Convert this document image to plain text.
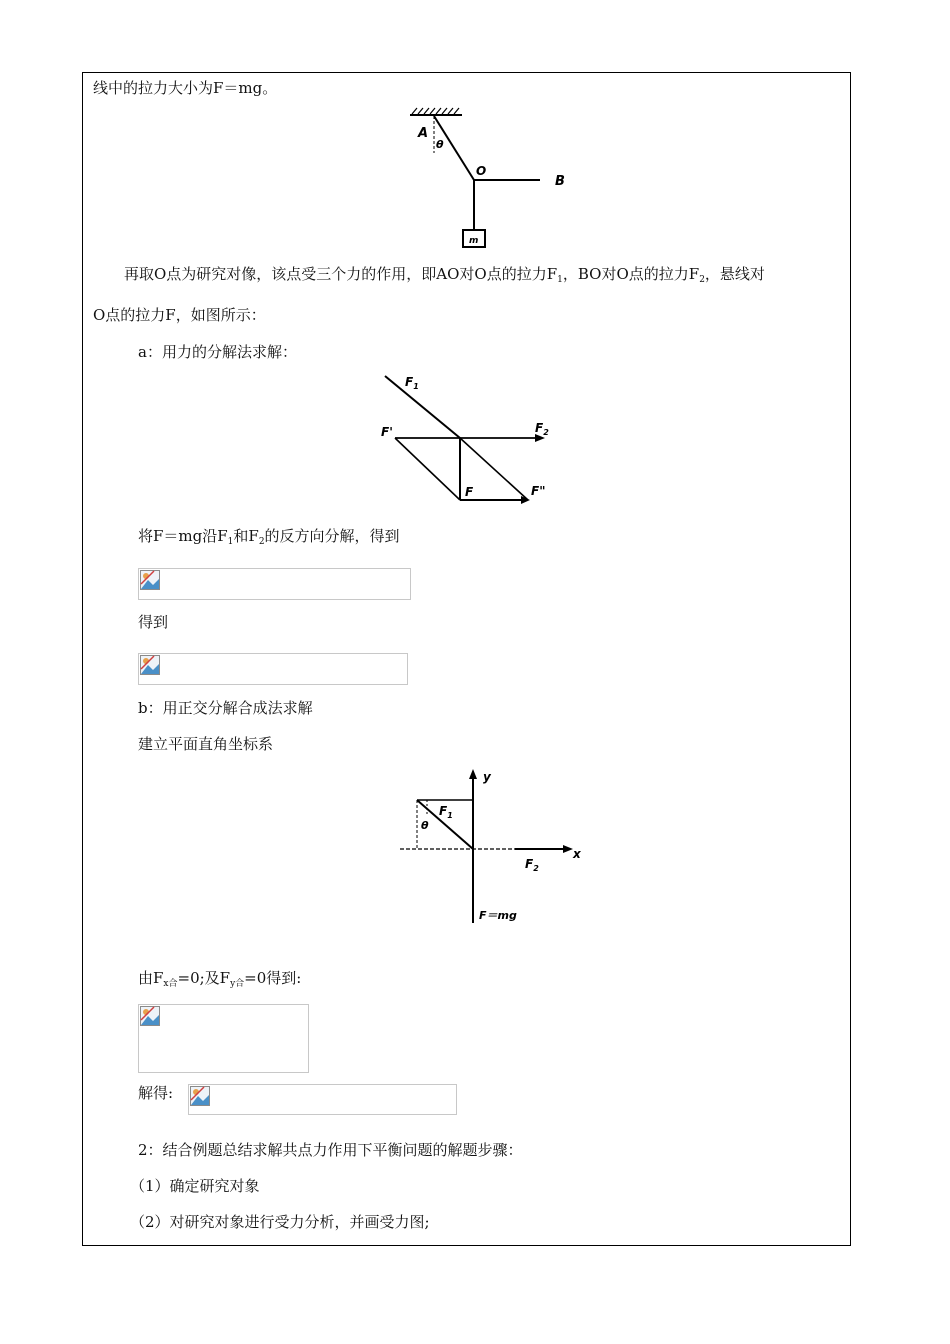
线中的拉力大小为F＝mg。
A
θ
O
B
m
再取O点为研究对像，该点受三个力的作用，即AO对O点的拉力$F_1$，BO对O点的拉力$F_2$，悬线对
O点的拉力F，如图所示：
a：用力的分解法求解：
$F_1$
$F_2$
F'
F	F"
将F＝mg沿$F_1$和$F_2$的反方向分解，得到
得到
b：用正交分解合成法求解
建立平面直角坐标系
y
x
$F_1$
θ
$F_2$
F＝mg
由$F_{x合}=0$;及$F_{y合}=0$得到:
解得:
2：结合例题总结求解共点力作用下平衡问题的解题步骤：
（1）确定研究对象
（2）对研究对象进行受力分析，并画受力图;
